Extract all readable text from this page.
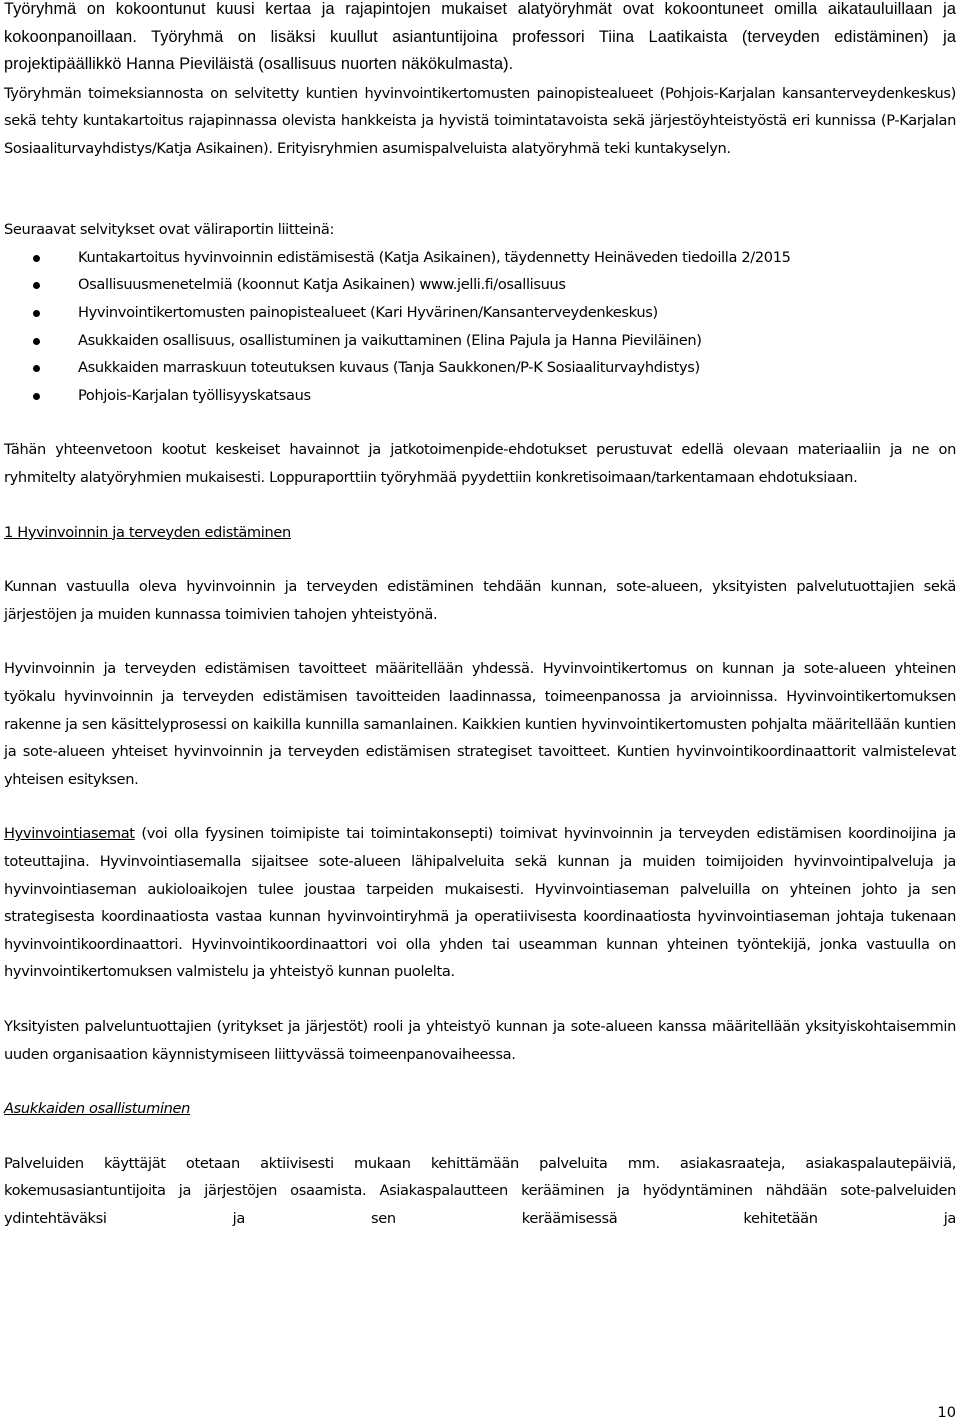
Työryhmä on kokoontunut kuusi kertaa ja rajapintojen mukaiset alatyöryhmät ovat kokoontuneet omilla aikatauluillaan ja kokoonpanoillaan. Työryhmä on lisäksi kuullut asiantuntijoina professori Tiina Laatikaista (terveyden edistäminen) ja projektipäällikkö Hanna Pieviläistä (osallisuus nuorten näkökulmasta).

Työryhmän toimeksiannosta on selvitetty kuntien hyvinvointikertomusten painopistealueet (Pohjois-Karjalan kansanterveydenkeskus) sekä tehty kuntakartoitus rajapinnassa olevista hankkeista ja hyvistä toimintatavoista sekä järjestöyhteistyöstä eri kunnissa (P-Karjalan Sosiaaliturvayhdistys/Katja Asikainen). Erityisryhmien asumispalveluista alatyöryhmä teki kuntakyselyn.

Seuraavat selvitykset ovat väliraportin liitteinä:

Kuntakartoitus hyvinvoinnin edistämisestä (Katja Asikainen), täydennetty Heinäveden tiedoilla 2/2015
Osallisuusmenetelmiä (koonnut Katja Asikainen) www.jelli.fi/osallisuus
Hyvinvointikertomusten painopistealueet (Kari Hyvärinen/Kansanterveydenkeskus)
Asukkaiden osallisuus, osallistuminen ja vaikuttaminen (Elina Pajula ja Hanna Pieviläinen)
Asukkaiden marraskuun toteutuksen kuvaus (Tanja Saukkonen/P-K Sosiaaliturvayhdistys)
Pohjois-Karjalan työllisyyskatsaus

Tähän yhteenvetoon kootut keskeiset havainnot ja jatkotoimenpide-ehdotukset perustuvat edellä olevaan materiaaliin ja ne on ryhmitelty alatyöryhmien mukaisesti. Loppuraporttiin työryhmää pyydettiin konkretisoimaan/tarkentamaan ehdotuksiaan.

1 Hyvinvoinnin ja terveyden edistäminen

Kunnan vastuulla oleva hyvinvoinnin ja terveyden edistäminen tehdään kunnan, sote-alueen, yksityisten palvelutuottajien sekä järjestöjen ja muiden kunnassa toimivien tahojen yhteistyönä.

Hyvinvoinnin ja terveyden edistämisen tavoitteet määritellään yhdessä. Hyvinvointikertomus on kunnan ja sote-alueen yhteinen työkalu hyvinvoinnin ja terveyden edistämisen tavoitteiden laadinnassa, toimeenpanossa ja arvioinnissa. Hyvinvointikertomuksen rakenne ja sen käsittelyprosessi on kaikilla kunnilla samanlainen. Kaikkien kuntien hyvinvointikertomusten pohjalta määritellään kuntien ja sote-alueen yhteiset hyvinvoinnin ja terveyden edistämisen strategiset tavoitteet. Kuntien hyvinvointikoordinaattorit valmistelevat yhteisen esityksen.

Hyvinvointiasemat (voi olla fyysinen toimipiste tai toimintakonsepti) toimivat hyvinvoinnin ja terveyden edistämisen koordinoijina ja toteuttajina. Hyvinvointiasemalla sijaitsee sote-alueen lähipalveluita sekä kunnan ja muiden toimijoiden hyvinvointipalveluja ja hyvinvointiaseman aukioloaikojen tulee joustaa tarpeiden mukaisesti. Hyvinvointiaseman palveluilla on yhteinen johto ja sen strategisesta koordinaatiosta vastaa kunnan hyvinvointiryhmä ja operatiivisesta koordinaatiosta hyvinvointiaseman johtaja tukenaan hyvinvointikoordinaattori. Hyvinvointikoordinaattori voi olla yhden tai useamman kunnan yhteinen työntekijä, jonka vastuulla on hyvinvointikertomuksen valmistelu ja yhteistyö kunnan puolelta.

Yksityisten palveluntuottajien (yritykset ja järjestöt) rooli ja yhteistyö kunnan ja sote-alueen kanssa määritellään yksityiskohtaisemmin uuden organisaation käynnistymiseen liittyvässä toimeenpanovaiheessa.

Asukkaiden osallistuminen

Palveluiden käyttäjät otetaan aktiivisesti mukaan kehittämään palveluita mm. asiakasraateja, asiakaspalautepäiviä, kokemusasiantuntijoita ja järjestöjen osaamista. Asiakaspalautteen kerääminen ja hyödyntäminen nähdään sote-palveluiden ydintehtäväksi ja sen keräämisessä kehitetään ja

10
